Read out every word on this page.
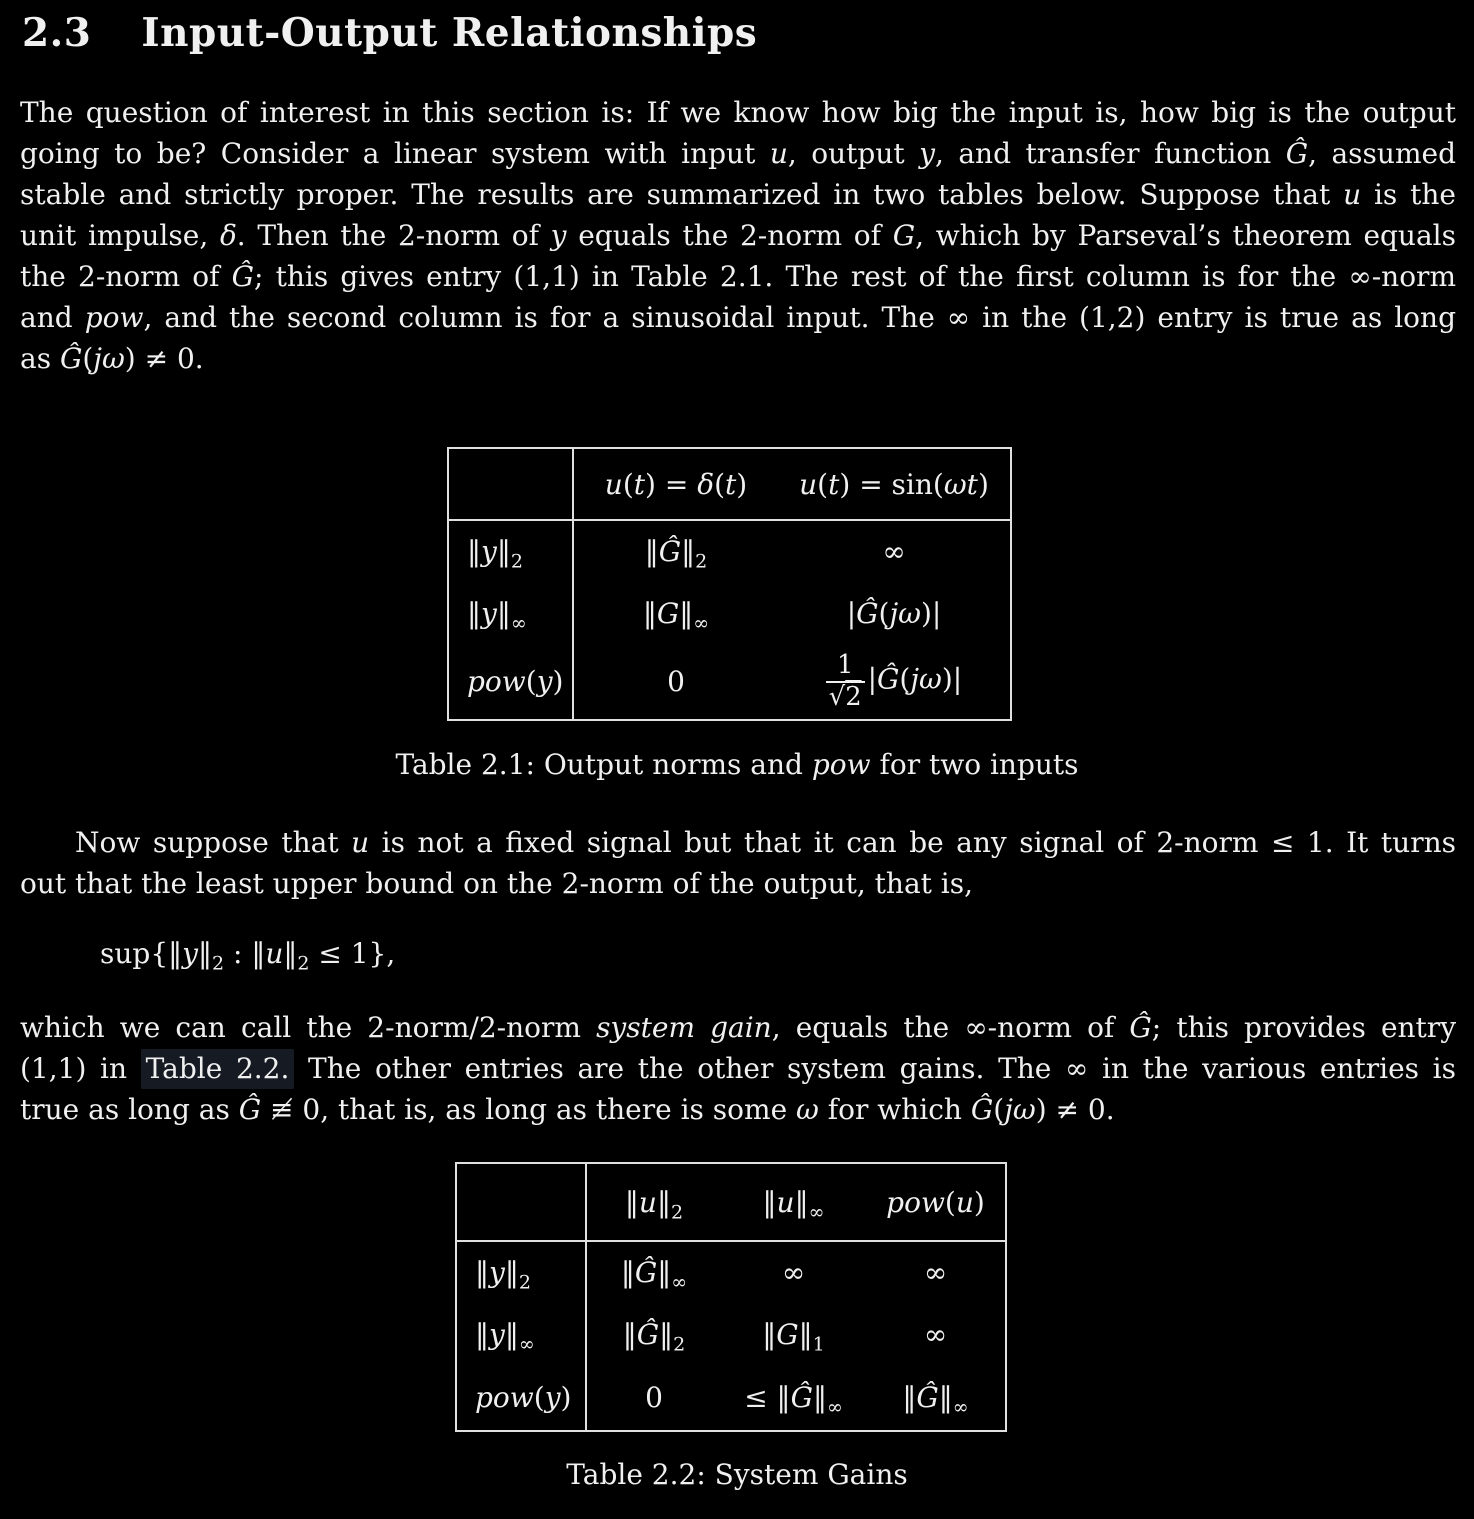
2.3 Input-Output Relationships
The question of interest in this section is: If we know how big the input is, how big is the output
going to be? Consider a linear system with input u, output y, and transfer function Ĝ, assumed
stable and strictly proper. The results are summarized in two tables below. Suppose that u is the
unit impulse, δ. Then the 2-norm of y equals the 2-norm of G, which by Parseval’s theorem equals
the 2-norm of Ĝ; this gives entry (1,1) in Table 2.1. The rest of the first column is for the ∞-norm
and pow, and the second column is for a sinusoidal input. The ∞ in the (1,2) entry is true as long
as Ĝ(jω) ≠ 0.
	u(t) = δ(t)	u(t) = sin(ωt)
$‖y‖_2$	$‖Ĝ‖_2$	∞
$‖y‖_\infty$	$‖G‖_\infty$	|Ĝ(jω)|
pow(y)	0	$\frac{1}{√2}$ |Ĝ(jω)|
Table 2.1: Output norms and pow for two inputs
Now suppose that u is not a fixed signal but that it can be any signal of 2-norm ≤ 1. It turns
out that the least upper bound on the 2-norm of the output, that is,
$sup\{‖y‖_2$ : $‖u‖_2 \le 1$},
which we can call the 2-norm/2-norm system gain, equals the ∞-norm of Ĝ; this provides entry
(1,1) in Table 2.2. The other entries are the other system gains. The ∞ in the various entries is
true as long as Ĝ ≢ 0, that is, as long as there is some ω for which Ĝ(jω) ≠ 0.
	$‖u‖_2$	$‖u‖_\infty$	pow(u)
$‖y‖_2$	$‖Ĝ‖_\infty$	∞	∞
$‖y‖_\infty$	$‖Ĝ‖_2$	$‖G‖_1$	∞
pow(y)	0	≤ $‖Ĝ‖_\infty$	$‖Ĝ‖_\infty$
Table 2.2: System Gains
